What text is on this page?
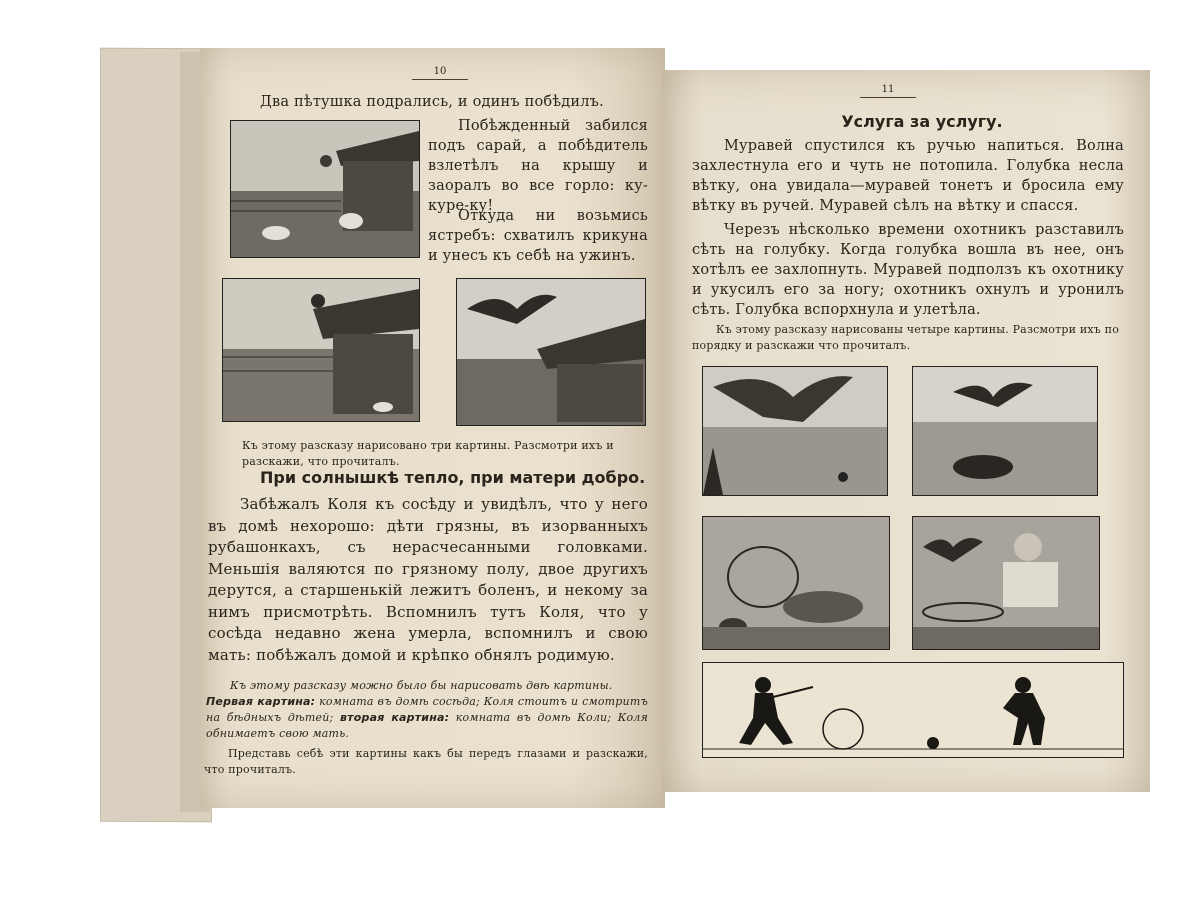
10
Два пѣтушка подрались, и одинъ побѣдилъ.
Побѣжденный забился подъ сарай, а побѣдитель взлетѣлъ на крышу и заоралъ во все горло: ку-куре-ку!
Откуда ни возьмись ястребъ: схватилъ крикуна и унесъ къ себѣ на ужинъ.
Къ этому разсказу нарисовано три картины. Разсмотри ихъ и разскажи, что прочиталъ.
При солнышкѣ тепло, при матери добро.
Забѣжалъ Коля къ сосѣду и увидѣлъ, что у него въ домѣ нехорошо: дѣти грязны, въ изорванныхъ рубашонкахъ, съ нерасчесанными головками. Меньшія валяются по грязному полу, двое другихъ дерутся, а старшенькій лежитъ боленъ, и некому за нимъ присмотрѣть. Вспомнилъ тутъ Коля, что у сосѣда недавно жена умерла, вспомнилъ и свою мать: побѣжалъ домой и крѣпко обнялъ родимую.
Къ этому разсказу можно было бы нарисовать двѣ картины.
Первая картина: комната въ домѣ сосѣда; Коля стоитъ и смотритъ на бѣдныхъ дѣтей; вторая картина: комната въ домѣ Коли; Коля обнимаетъ свою мать.
Представь себѣ эти картины какъ бы передъ глазами и разскажи, что прочиталъ.
11
Услуга за услугу.
Муравей спустился къ ручью напиться. Волна захлестнула его и чуть не потопила. Голубка несла вѣтку, она увидала—муравей тонетъ и бросила ему вѣтку въ ручей. Муравей сѣлъ на вѣтку и спасся.
Черезъ нѣсколько времени охотникъ разставилъ сѣть на голубку. Когда голубка вошла въ нее, онъ хотѣлъ ее захлопнуть. Муравей подползъ къ охотнику и укусилъ его за ногу; охотникъ охнулъ и уронилъ сѣть. Голубка вспорхнула и улетѣла.
Къ этому разсказу нарисованы четыре картины. Разсмотри ихъ по порядку и разскажи что прочиталъ.
